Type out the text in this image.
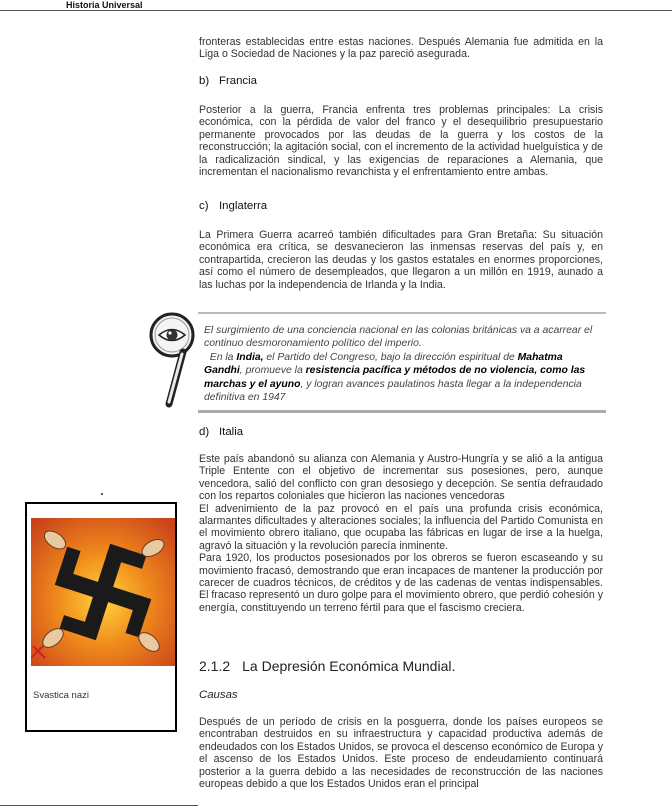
Historia Universal

fronteras establecidas entre estas naciones. Después Alemania fue admitida en la Liga o Sociedad de Naciones y la paz pareció asegurada.

b) Francia

Posterior a la guerra, Francia enfrenta tres problemas principales: La crisis económica, con la pérdida de valor del franco y el desequilibrio presupuestario permanente provocados por las deudas de la guerra y los costos de la reconstrucción; la agitación social, con el incremento de la actividad huelguística y de la radicalización sindical, y las exigencias de reparaciones a Alemania, que incrementan el nacionalismo revanchista y el enfrentamiento entre ambas.

c) Inglaterra

La Primera Guerra acarreó también dificultades para Gran Bretaña: Su situación económica era crítica, se desvanecieron las inmensas reservas del país y, en contrapartida, crecieron las deudas y los gastos estatales en enormes proporciones, así como el número de desempleados, que llegaron a un millón en 1919, aunado a las luchas por la independencia de Irlanda y la India.

El surgimiento de una conciencia nacional en las colonias británicas va a acarrear el continuo desmoronamiento político del imperio.

En la India, el Partido del Congreso, bajo la dirección espiritual de Mahatma Gandhi, promueve la resistencia pacífica y métodos de no violencia, como las marchas y el ayuno, y logran avances paulatinos hasta llegar a la independencia definitiva en 1947

d) Italia

Este país abandonó su alianza con Alemania y Austro-Hungría y se alió a la antigua Triple Entente con el objetivo de incrementar sus posesiones, pero, aunque vencedora, salió del conflicto con gran desosiego y decepción. Se sentía defraudado con los repartos coloniales que hicieron las naciones vencedoras

El advenimiento de la paz provocó en el país una profunda crisis económica, alarmantes dificultades y alteraciones sociales; la influencia del Partido Comunista en el movimiento obrero italiano, que ocupaba las fábricas en lugar de irse a la huelga, agravó la situación y la revolución parecía inminente.

Para 1920, los productos posesionados por los obreros se fueron escaseando y su movimiento fracasó, demostrando que eran incapaces de mantener la producción por carecer de cuadros técnicos, de créditos y de las cadenas de ventas indispensables. El fracaso representó un duro golpe para el movimiento obrero, que perdió cohesión y energía, constituyendo un terreno fértil para que el fascismo creciera.

Svastica nazi
2.1.2 La Depresión Económica Mundial.
Causas

Después de un período de crisis en la posguerra, donde los países europeos se encontraban destruidos en su infraestructura y capacidad productiva además de endeudados con los Estados Unidos, se provoca el descenso económico de Europa y el ascenso de los Estados Unidos. Este proceso de endeudamiento continuará posterior a la guerra debido a las necesidades de reconstrucción de las naciones europeas debido a que los Estados Unidos eran el principal
